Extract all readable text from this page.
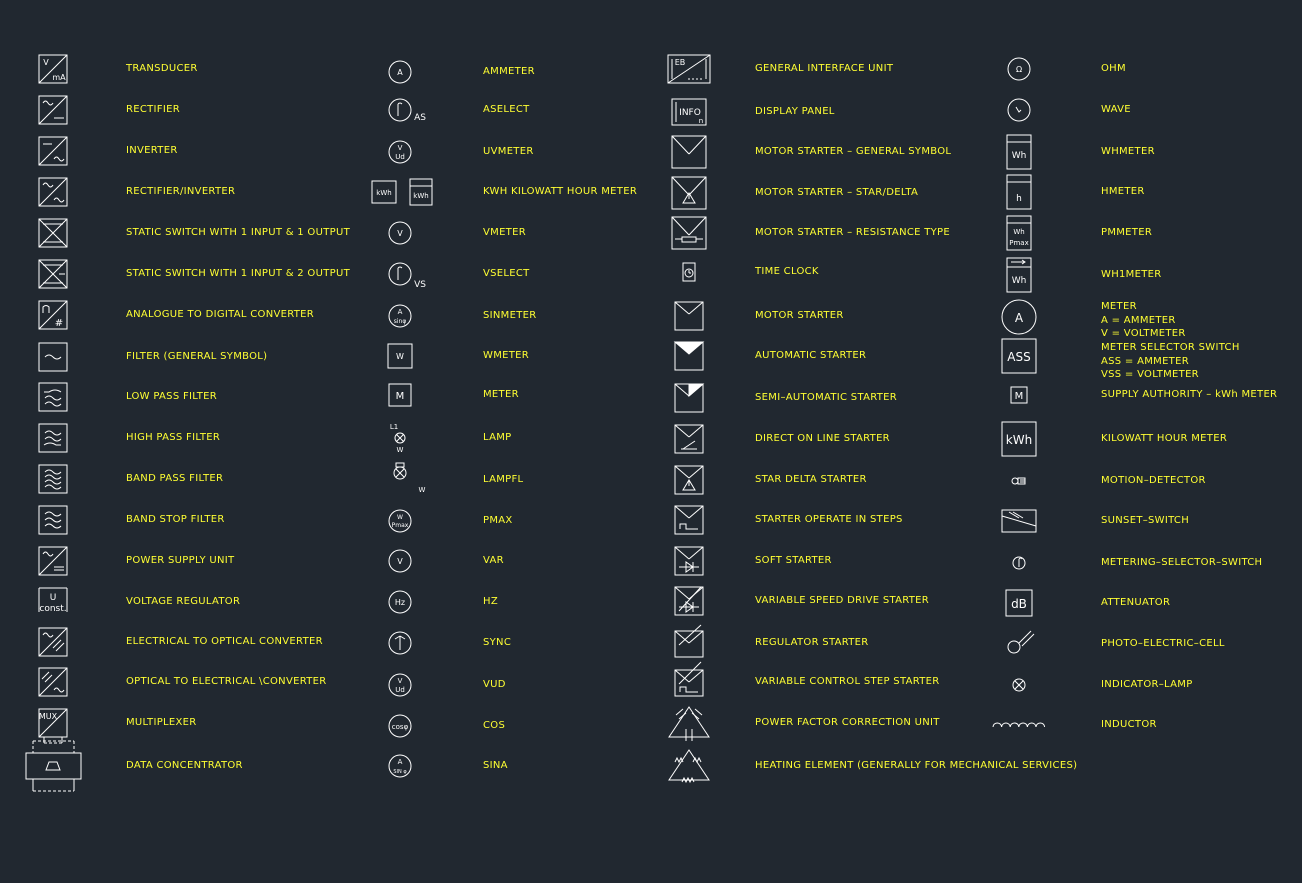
V
mA
#
U
const.
MUX
A
AS
V
Ud
kWh	kWh
V
VS
A
sinφ
W
M
L1
W
W
W
Pmax
V
Hz
V
Ud
cosφ
A
SIN φ
EB
INFO
n
Ω
Wh
h
Wh
Pmax
Wh
A
ASS
M
kWh
dB
TRANSDUCER
RECTIFIER
INVERTER
RECTIFIER/INVERTER
STATIC SWITCH WITH 1 INPUT & 1 OUTPUT
STATIC SWITCH WITH 1 INPUT & 2 OUTPUT
ANALOGUE TO DIGITAL CONVERTER
FILTER (GENERAL SYMBOL)
LOW PASS FILTER
HIGH PASS FILTER
BAND PASS FILTER
BAND STOP FILTER
POWER SUPPLY UNIT
VOLTAGE REGULATOR
ELECTRICAL TO OPTICAL CONVERTER
OPTICAL TO ELECTRICAL \CONVERTER
MULTIPLEXER
DATA CONCENTRATOR
AMMETER
ASELECT
UVMETER
KWH KILOWATT HOUR METER
VMETER
VSELECT
SINMETER
WMETER
METER
LAMP
LAMPFL
PMAX
VAR
HZ
SYNC
VUD
COS
SINA
GENERAL INTERFACE UNIT
DISPLAY PANEL
MOTOR STARTER – GENERAL SYMBOL
MOTOR STARTER – STAR/DELTA
MOTOR STARTER – RESISTANCE TYPE
TIME CLOCK
MOTOR STARTER
AUTOMATIC STARTER
SEMI–AUTOMATIC STARTER
DIRECT ON LINE STARTER
STAR DELTA STARTER
STARTER OPERATE IN STEPS
SOFT STARTER
VARIABLE SPEED DRIVE STARTER
REGULATOR STARTER
VARIABLE CONTROL STEP STARTER
POWER FACTOR CORRECTION UNIT
HEATING ELEMENT (GENERALLY FOR MECHANICAL SERVICES)
OHM
WAVE
WHMETER
HMETER
PMMETER
WH1METER
METER
A = AMMETER
V = VOLTMETER
METER SELECTOR SWITCH
ASS = AMMETER
VSS = VOLTMETER
SUPPLY AUTHORITY – kWh METER
KILOWATT HOUR METER
MOTION–DETECTOR
SUNSET–SWITCH
METERING–SELECTOR–SWITCH
ATTENUATOR
PHOTO–ELECTRIC–CELL
INDICATOR–LAMP
INDUCTOR
